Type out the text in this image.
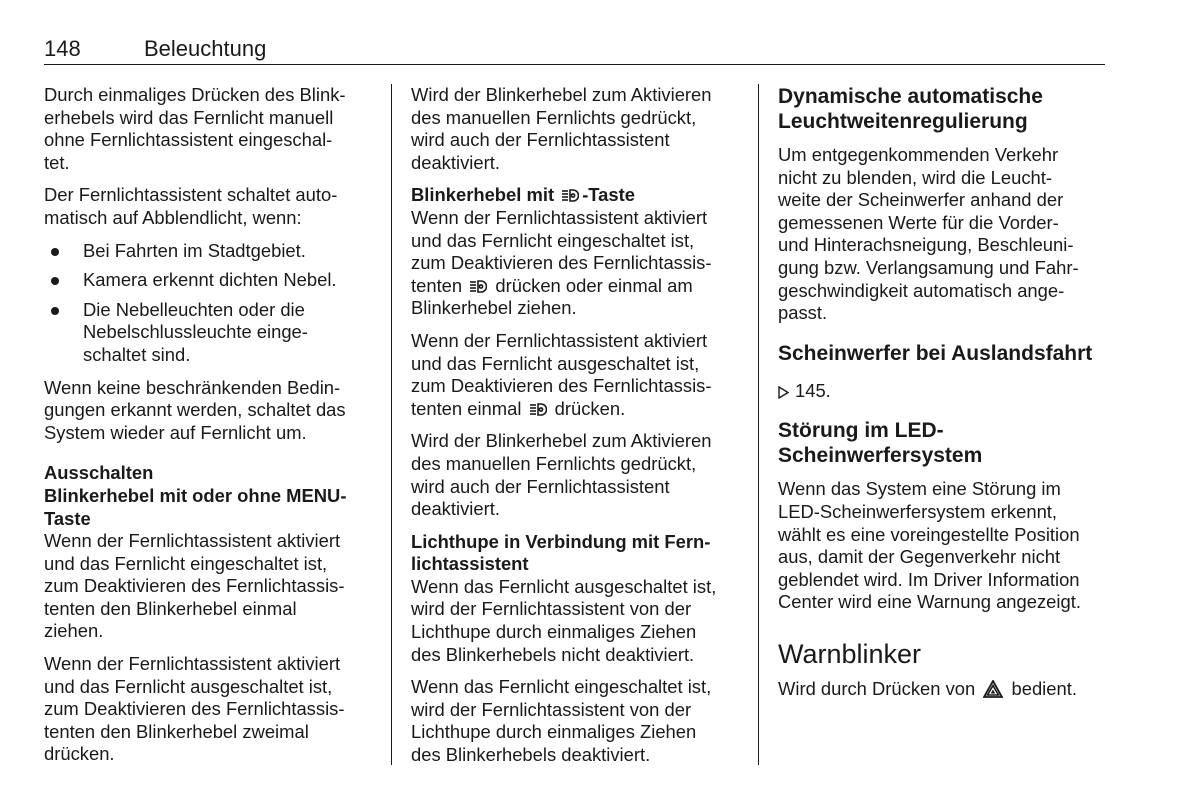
148	Beleuchtung

Durch einmaliges Drücken des Blink-
erhebels wird das Fernlicht manuell
ohne Fernlichtassistent eingeschal-
tet.

Der Fernlichtassistent schaltet auto-
matisch auf Abblendlicht, wenn:

Bei Fahrten im Stadtgebiet.
Kamera erkennt dichten Nebel.
Die Nebelleuchten oder die
Nebelschlussleuchte einge-
schaltet sind.

Wenn keine beschränkenden Bedin-
gungen erkannt werden, schaltet das
System wieder auf Fernlicht um.

Ausschalten

Blinkerhebel mit oder ohne MENU-
Taste

Wenn der Fernlichtassistent aktiviert
und das Fernlicht eingeschaltet ist,
zum Deaktivieren des Fernlichtassis-
tenten den Blinkerhebel einmal
ziehen.

Wenn der Fernlichtassistent aktiviert
und das Fernlicht ausgeschaltet ist,
zum Deaktivieren des Fernlichtassis-
tenten den Blinkerhebel zweimal
drücken.

Wird der Blinkerhebel zum Aktivieren
des manuellen Fernlichts gedrückt,
wird auch der Fernlichtassistent
deaktiviert.

Blinkerhebel mit -Taste

Wenn der Fernlichtassistent aktiviert
und das Fernlicht eingeschaltet ist,
zum Deaktivieren des Fernlichtassis-
tenten  drücken oder einmal am
Blinkerhebel ziehen.

Wenn der Fernlichtassistent aktiviert
und das Fernlicht ausgeschaltet ist,
zum Deaktivieren des Fernlichtassis-
tenten einmal  drücken.

Wird der Blinkerhebel zum Aktivieren
des manuellen Fernlichts gedrückt,
wird auch der Fernlichtassistent
deaktiviert.

Lichthupe in Verbindung mit Fern-
lichtassistent

Wenn das Fernlicht ausgeschaltet ist,
wird der Fernlichtassistent von der
Lichthupe durch einmaliges Ziehen
des Blinkerhebels nicht deaktiviert.

Wenn das Fernlicht eingeschaltet ist,
wird der Fernlichtassistent von der
Lichthupe durch einmaliges Ziehen
des Blinkerhebels deaktiviert.

Dynamische automatische
Leuchtweitenregulierung

Um entgegenkommenden Verkehr
nicht zu blenden, wird die Leucht-
weite der Scheinwerfer anhand der
gemessenen Werte für die Vorder-
und Hinterachsneigung, Beschleuni-
gung bzw. Verlangsamung und Fahr-
geschwindigkeit automatisch ange-
passt.

Scheinwerfer bei Auslandsfahrt

145.

Störung im LED-
Scheinwerfersystem

Wenn das System eine Störung im
LED-Scheinwerfersystem erkennt,
wählt es eine voreingestellte Position
aus, damit der Gegenverkehr nicht
geblendet wird. Im Driver Information
Center wird eine Warnung angezeigt.

Warnblinker

Wird durch Drücken von  bedient.
